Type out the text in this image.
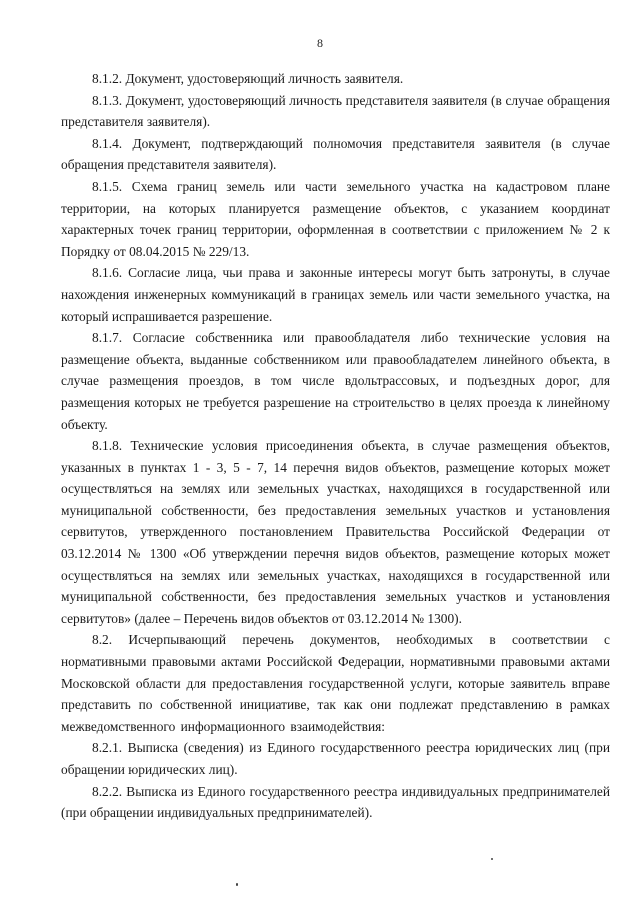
8

8.1.2. Документ, удостоверяющий личность заявителя.

8.1.3. Документ, удостоверяющий личность представителя заявителя (в случае обращения представителя заявителя).

8.1.4. Документ, подтверждающий полномочия представителя заявителя (в случае обращения представителя заявителя).

8.1.5. Схема границ земель или части земельного участка на кадастровом плане территории, на которых планируется размещение объектов, с указанием координат характерных точек границ территории, оформленная в соответствии с приложением № 2 к Порядку от 08.04.2015 № 229/13.

8.1.6. Согласие лица, чьи права и законные интересы могут быть затронуты, в случае нахождения инженерных коммуникаций в границах земель или части земельного участка, на который испрашивается разрешение.

8.1.7. Согласие собственника или правообладателя либо технические условия на размещение объекта, выданные собственником или правообладателем линейного объекта, в случае размещения проездов, в том числе вдольтрассовых, и подъездных дорог, для размещения которых не требуется разрешение на строительство в целях проезда к линейному объекту.

8.1.8. Технические условия присоединения объекта, в случае размещения объектов, указанных в пунктах 1 - 3, 5 - 7, 14 перечня видов объектов, размещение которых может осуществляться на землях или земельных участках, находящихся в государственной или муниципальной собственности, без предоставления земельных участков и установления сервитутов, утвержденного постановлением Правительства Российской Федерации от 03.12.2014 № 1300 «Об утверждении перечня видов объектов, размещение которых может осуществляться на землях или земельных участках, находящихся в государственной или муниципальной собственности, без предоставления земельных участков и установления сервитутов» (далее – Перечень видов объектов от 03.12.2014 № 1300).

8.2. Исчерпывающий перечень документов, необходимых в соответствии с нормативными правовыми актами Российской Федерации, нормативными правовыми актами Московской области для предоставления государственной услуги, которые заявитель вправе представить по собственной инициативе, так как они подлежат представлению в рамках межведомственного информационного взаимодействия:

8.2.1. Выписка (сведения) из Единого государственного реестра юридических лиц (при обращении юридических лиц).

8.2.2. Выписка из Единого государственного реестра индивидуальных предпринимателей (при обращении индивидуальных предпринимателей).
